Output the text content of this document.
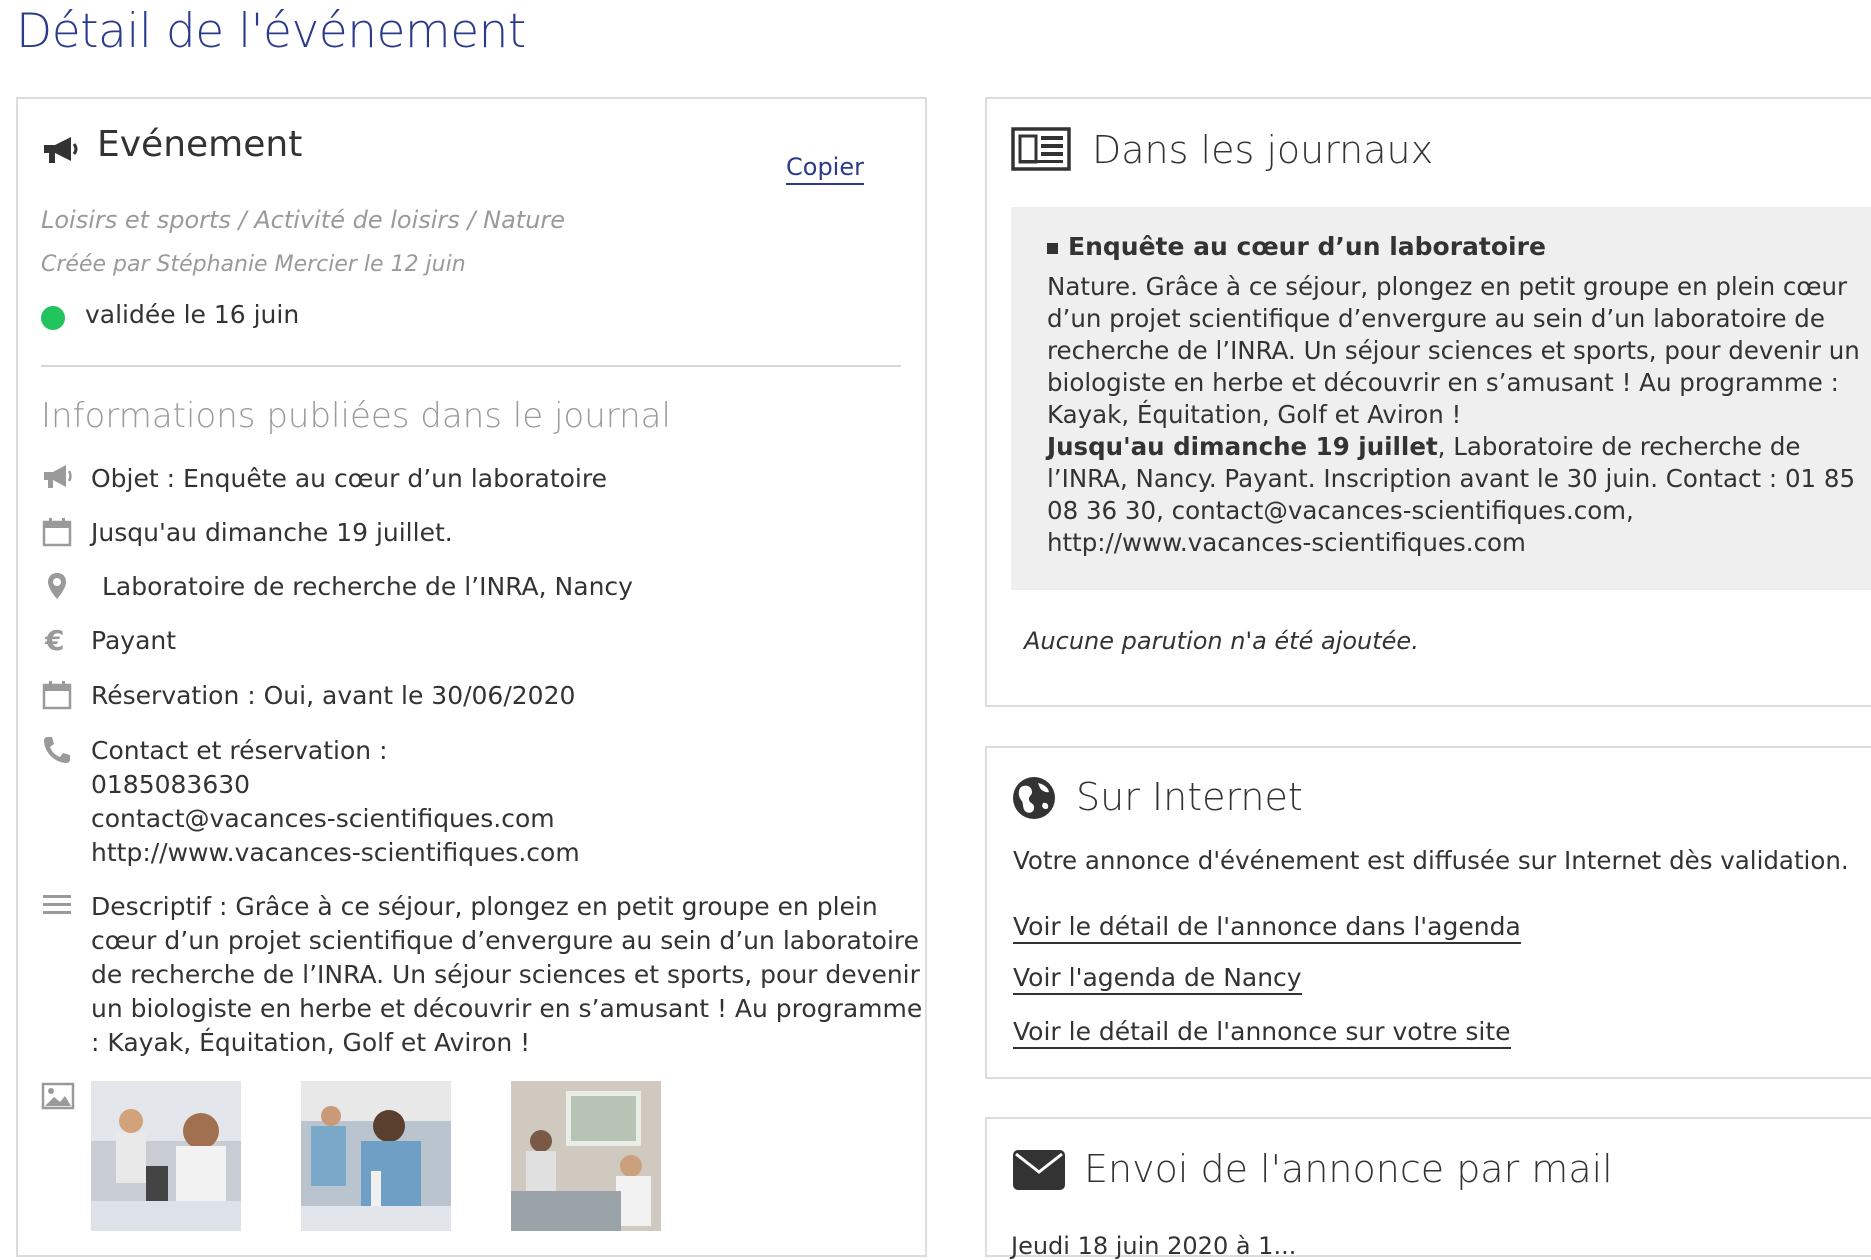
Détail de l'événement
Evénement
Copier
Loisirs et sports / Activité de loisirs / Nature
Créée par Stéphanie Mercier le 12 juin
validée le 16 juin
Informations publiées dans le journal
Objet : Enquête au cœur d’un laboratoire
Jusqu'au dimanche 19 juillet.
Laboratoire de recherche de l’INRA, Nancy
€ Payant
Réservation : Oui, avant le 30/06/2020
Contact et réservation :
0185083630
contact@vacances-scientifiques.com
http://www.vacances-scientifiques.com
Descriptif : Grâce à ce séjour, plongez en petit groupe en plein cœur d’un projet scientifique d’envergure au sein d’un laboratoire de recherche de l’INRA. Un séjour sciences et sports, pour devenir un biologiste en herbe et découvrir en s’amusant ! Au programme : Kayak, Équitation, Golf et Aviron !
Dans les journaux
Enquête au cœur d’un laboratoire
Nature. Grâce à ce séjour, plongez en petit groupe en plein cœur d’un projet scientifique d’envergure au sein d’un laboratoire de recherche de l’INRA. Un séjour sciences et sports, pour devenir un biologiste en herbe et découvrir en s’amusant ! Au programme : Kayak, Équitation, Golf et Aviron !
Jusqu'au dimanche 19 juillet, Laboratoire de recherche de l’INRA, Nancy. Payant. Inscription avant le 30 juin. Contact : 01 85 08 36 30, contact@vacances-scientifiques.com, http://www.vacances-scientifiques.com
Aucune parution n'a été ajoutée.
Sur Internet
Votre annonce d'événement est diffusée sur Internet dès validation.
Voir le détail de l'annonce dans l'agenda
Voir l'agenda de Nancy
Voir le détail de l'annonce sur votre site
Envoi de l'annonce par mail
Jeudi 18 juin 2020 à 1...
